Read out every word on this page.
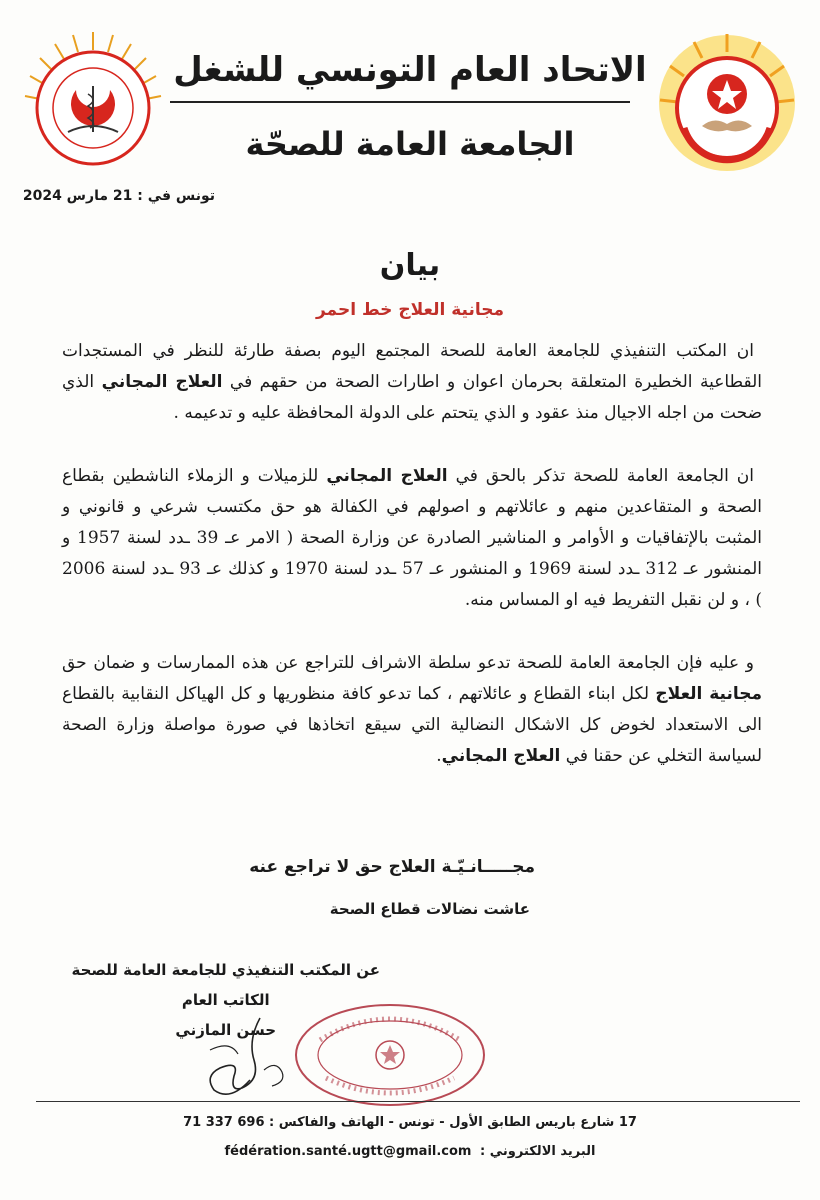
الاتحاد العام التونسي للشغل
الجامعة العامة للصحّة
تونس في : 21 مارس 2024
بيان
مجانية العلاج خط احمر

ان المكتب التنفيذي للجامعة العامة للصحة المجتمع اليوم بصفة طارئة للنظر في المستجدات القطاعية الخطيرة المتعلقة بحرمان اعوان و اطارات الصحة من حقهم في العلاج المجاني الذي ضحت من اجله الاجيال منذ عقود و الذي يتحتم على الدولة المحافظة عليه و تدعيمه .

ان الجامعة العامة للصحة تذكر بالحق في العلاج المجاني للزميلات و الزملاء الناشطين بقطاع الصحة و المتقاعدين منهم و عائلاتهم و اصولهم في الكفالة هو حق مكتسب شرعي و قانوني و المثبت بالإتفاقيات و الأوامر و المناشير الصادرة عن وزارة الصحة ( الامر عـ 39 ـدد لسنة 1957 و المنشور عـ 312 ـدد لسنة 1969 و المنشور عـ 57 ـدد لسنة 1970 و كذلك عـ 93 ـدد لسنة 2006 ) ، و لن نقبل التفريط فيه او المساس منه.

و عليه فإن الجامعة العامة للصحة تدعو سلطة الاشراف للتراجع عن هذه الممارسات و ضمان حق مجانية العلاج لكل ابناء القطاع و عائلاتهم ، كما تدعو كافة منظوريها و كل الهياكل النقابية بالقطاع الى الاستعداد لخوض كل الاشكال النضالية التي سيقع اتخاذها في صورة مواصلة وزارة الصحة لسياسة التخلي عن حقنا في العلاج المجاني.

مجـــــانـيّـة العلاج حق لا تراجع عنه
عاشت نضالات قطاع الصحة
عن المكتب التنفيذي للجامعة العامة للصحة
الكاتب العام
حسن المازني
17 شارع باريس الطابق الأول - تونس - الهاتف والفاكس : 696 337 71
البريد الالكتروني : fédération.santé.ugtt@gmail.com
